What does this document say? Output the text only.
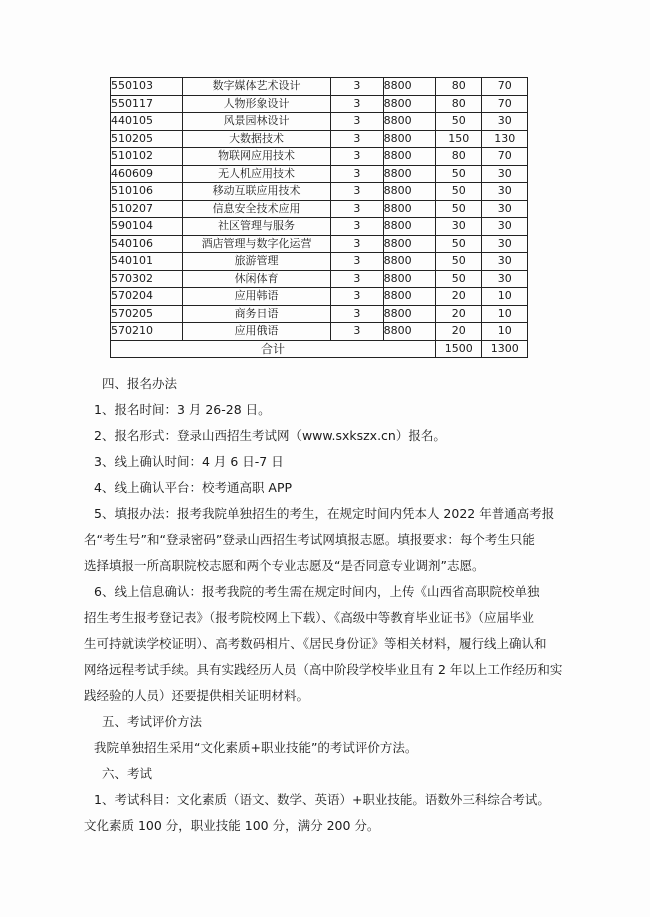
550103	数字媒体艺术设计	3	8800	80	70
550117	人物形象设计	3	8800	80	70
440105	风景园林设计	3	8800	50	30
510205	大数据技术	3	8800	150	130
510102	物联网应用技术	3	8800	80	70
460609	无人机应用技术	3	8800	50	30
510106	移动互联应用技术	3	8800	50	30
510207	信息安全技术应用	3	8800	50	30
590104	社区管理与服务	3	8800	30	30
540106	酒店管理与数字化运营	3	8800	50	30
540101	旅游管理	3	8800	50	30
570302	休闲体育	3	8800	50	30
570204	应用韩语	3	8800	20	10
570205	商务日语	3	8800	20	10
570210	应用俄语	3	8800	20	10
合计				1500	1300
四、报名办法
1、报名时间：3 月 26-28 日。
2、报名形式：登录山西招生考试网（www.sxkszx.cn）报名。
3、线上确认时间：4 月 6 日-7 日
4、线上确认平台：校考通高职 APP
5、填报办法：报考我院单独招生的考生，在规定时间内凭本人 2022 年普通高考报
名“考生号”和“登录密码”登录山西招生考试网填报志愿。填报要求：每个考生只能
选择填报一所高职院校志愿和两个专业志愿及“是否同意专业调剂”志愿。
6、线上信息确认：报考我院的考生需在规定时间内，上传《山西省高职院校单独
招生考生报考登记表》（报考院校网上下载）、《高级中等教育毕业证书》（应届毕业
生可持就读学校证明）、高考数码相片、《居民身份证》等相关材料，履行线上确认和
网络远程考试手续。具有实践经历人员（高中阶段学校毕业且有 2 年以上工作经历和实
践经验的人员）还要提供相关证明材料。
五、考试评价方法
我院单独招生采用“文化素质+职业技能”的考试评价方法。
六、考试
1、考试科目：文化素质（语文、数学、英语）+职业技能。语数外三科综合考试。
文化素质 100 分，职业技能 100 分，满分 200 分。
